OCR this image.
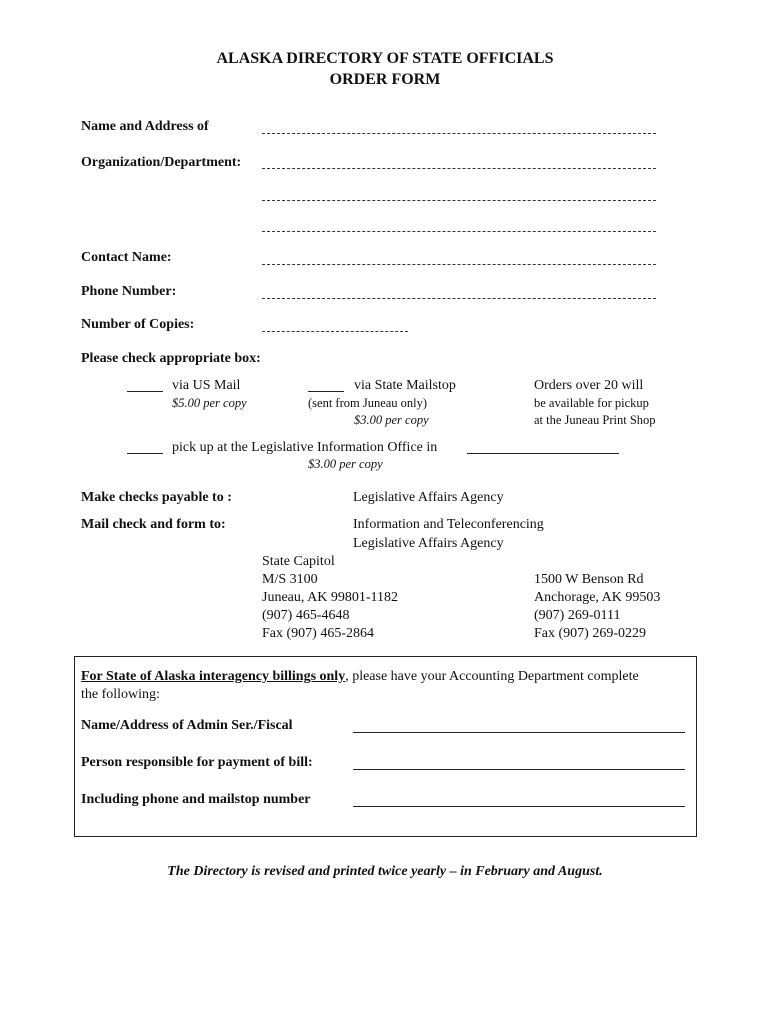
ALASKA DIRECTORY OF STATE OFFICIALS
ORDER FORM
Name and Address of
Organization/Department:
Contact Name:
Phone Number:
Number of Copies:
Please check appropriate box:
via US Mail
$5.00 per copy
via State Mailstop
(sent from Juneau only)
$3.00 per copy
Orders over 20 will
be available for pickup
at the Juneau Print Shop
pick up at the Legislative Information Office in
$3.00 per copy
Make checks payable to :	Legislative Affairs Agency
Mail check and form to:	Information and Teleconferencing
Legislative Affairs Agency
State Capitol
M/S 3100
Juneau, AK 99801-1182
(907) 465-4648
Fax (907) 465-2864
1500 W Benson Rd
Anchorage, AK 99503
(907) 269-0111
Fax (907) 269-0229
For State of Alaska interagency billings only, please have your Accounting Department complete
the following:
Name/Address of Admin Ser./Fiscal
Person responsible for payment of bill:
Including phone and mailstop number
The Directory is revised and printed twice yearly – in February and August.
